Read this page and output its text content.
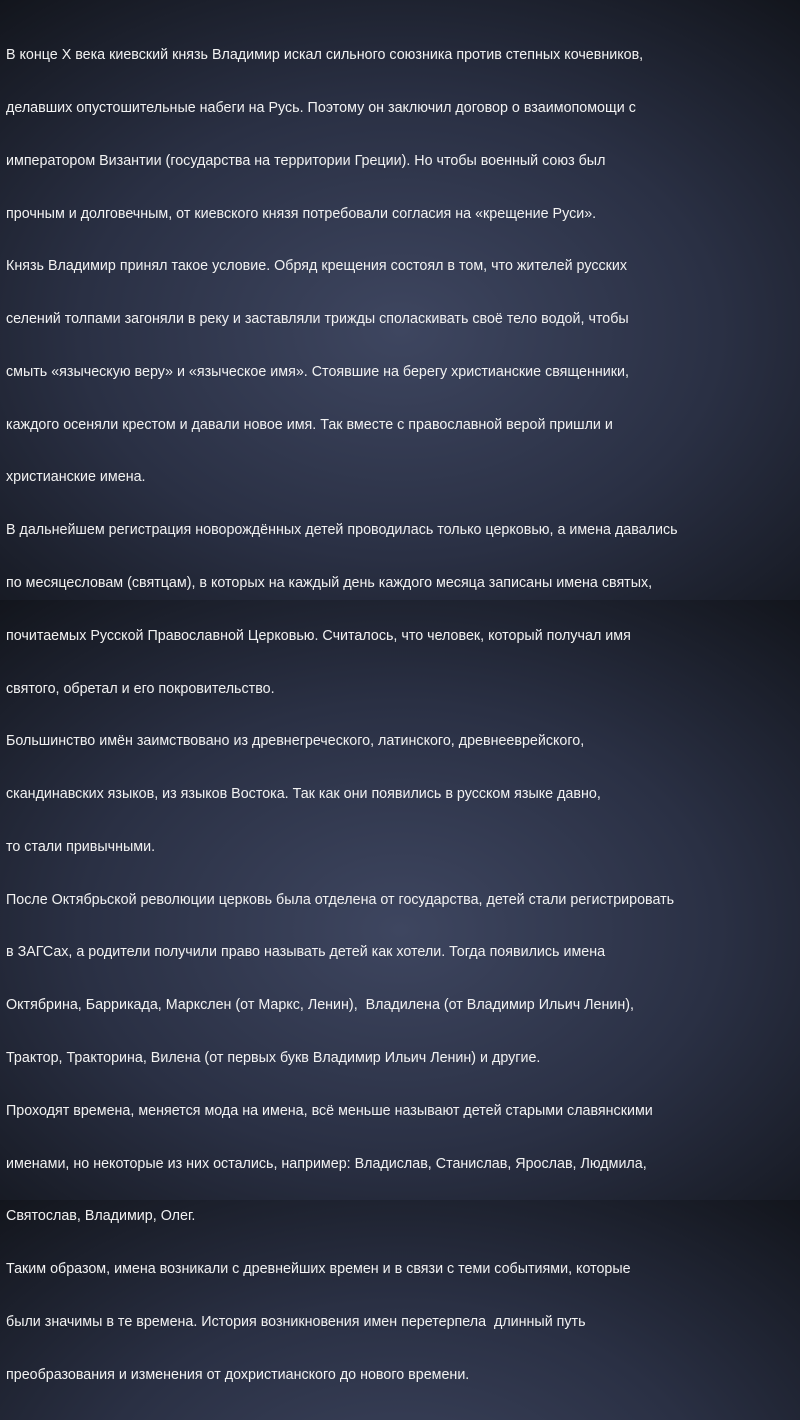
В конце Х века киевский князь Владимир искал сильного союзника против степных кочевников,

делавших опустошительные набеги на Русь. Поэтому он заключил договор о взаимопомощи с

императором Византии (государства на территории Греции). Но чтобы военный союз был

прочным и долговечным, от киевского князя потребовали согласия на «крещение Руси».

Князь Владимир принял такое условие. Обряд крещения состоял в том, что жителей русских

селений толпами загоняли в реку и заставляли трижды споласкивать своё тело водой, чтобы

смыть «языческую веру» и «языческое имя». Стоявшие на берегу христианские священники,

каждого осеняли крестом и давали новое имя. Так вместе с православной верой пришли и

христианские имена.

В дальнейшем регистрация новорождённых детей проводилась только церковью, а имена давались

по месяцесловам (святцам), в которых на каждый день каждого месяца записаны имена святых,

почитаемых Русской Православной Церковью. Считалось, что человек, который получал имя

святого, обретал и его покровительство.

Большинство имён заимствовано из древнегреческого, латинского, древнееврейского,

скандинавских языков, из языков Востока. Так как они появились в русском языке давно,

то стали привычными.

После Октябрьской революции церковь была отделена от государства, детей стали регистрировать

в ЗАГСах, а родители получили право называть детей как хотели. Тогда появились имена

Октябрина, Баррикада, Маркслен (от Маркс, Ленин),  Владилена (от Владимир Ильич Ленин),

Трактор, Тракторина, Вилена (от первых букв Владимир Ильич Ленин) и другие.

Проходят времена, меняется мода на имена, всё меньше называют детей старыми славянскими

именами, но некоторые из них остались, например: Владислав, Станислав, Ярослав, Людмила,

Святослав, Владимир, Олег.

Таким образом, имена возникали с древнейших времен и в связи с теми событиями, которые

были значимы в те времена. История возникновения имен перетерпела  длинный путь

преобразования и изменения от дохристианского до нового времени.
